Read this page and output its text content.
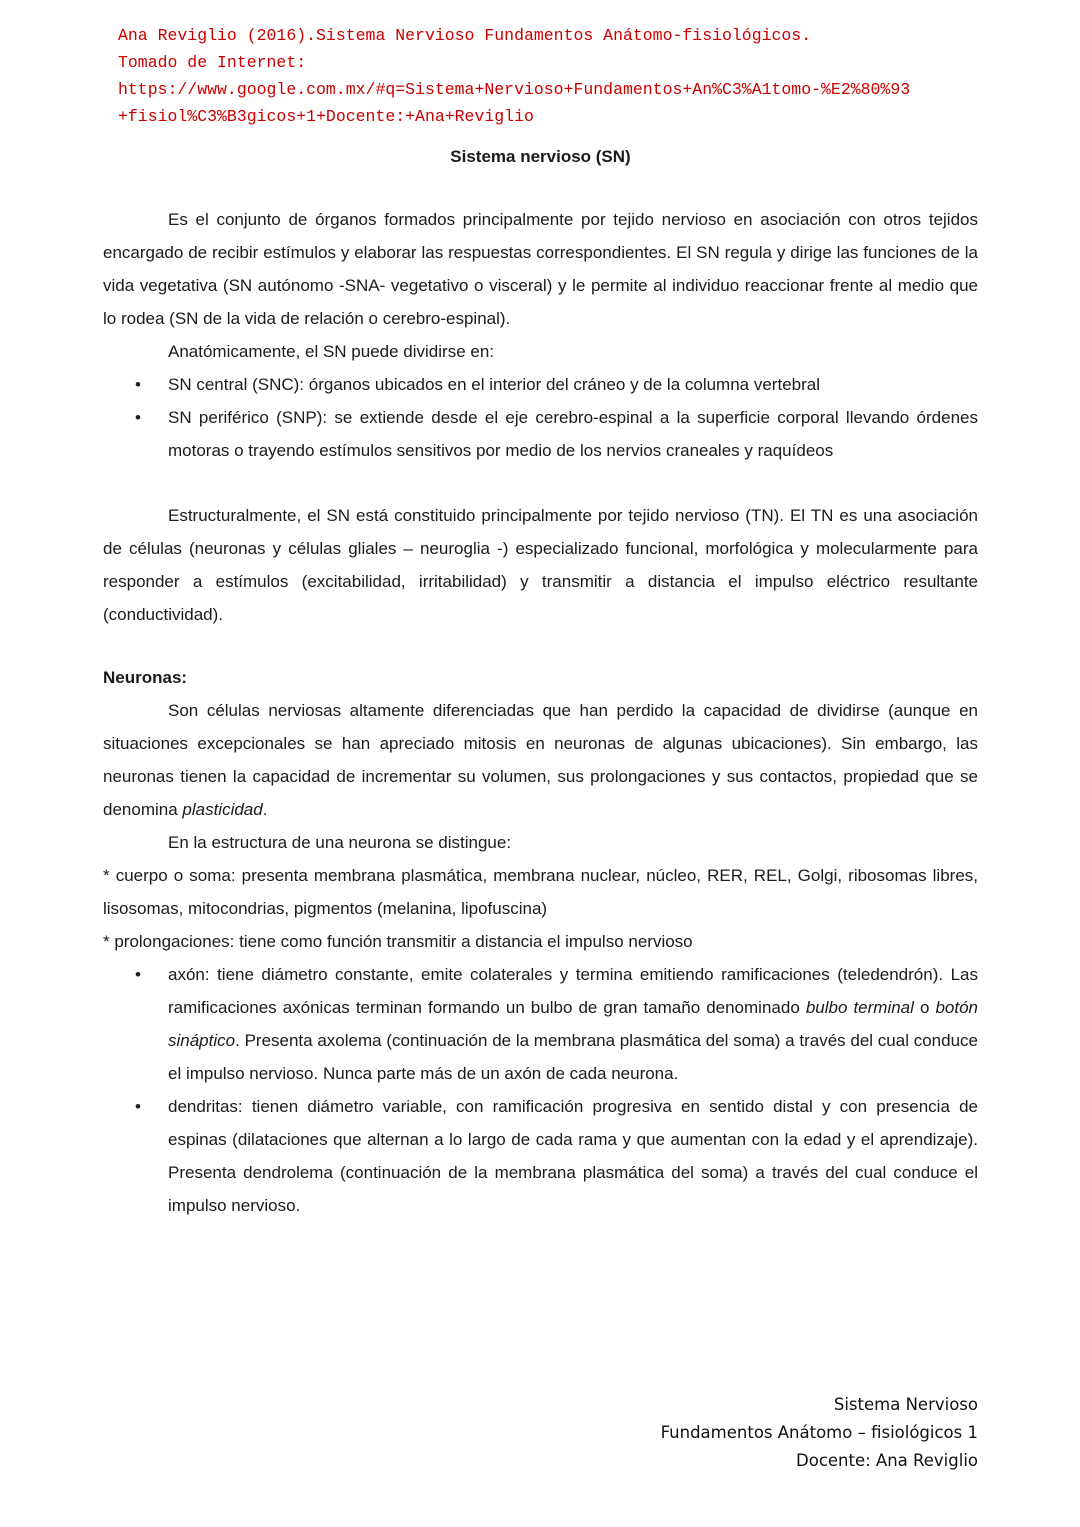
Ana Reviglio (2016).Sistema Nervioso Fundamentos Anátomo-fisiológicos.
Tomado de Internet:
https://www.google.com.mx/#q=Sistema+Nervioso+Fundamentos+An%C3%A1tomo-%E2%80%93
+fisiol%C3%B3gicos+1+Docente:+Ana+Reviglio
Sistema nervioso (SN)
Es el conjunto de órganos formados principalmente por tejido nervioso en asociación con otros tejidos encargado de recibir estímulos y elaborar las respuestas correspondientes. El SN regula y dirige las funciones de la vida vegetativa (SN autónomo -SNA- vegetativo o visceral) y le permite al individuo reaccionar frente al medio que lo rodea (SN de la vida de relación o cerebro-espinal).
Anatómicamente, el SN puede dividirse en:
•	SN central (SNC): órganos ubicados en el interior del cráneo y de la columna vertebral
•	SN periférico (SNP): se extiende desde el eje cerebro-espinal a la superficie corporal llevando órdenes motoras o trayendo estímulos sensitivos por medio de los nervios craneales y raquídeos
Estructuralmente, el SN está constituido principalmente por tejido nervioso (TN). El TN es una asociación de células (neuronas y células gliales – neuroglia -) especializado funcional, morfológica y molecularmente para responder a estímulos (excitabilidad, irritabilidad) y transmitir a distancia el impulso eléctrico resultante (conductividad).
Neuronas:
Son células nerviosas altamente diferenciadas que han perdido la capacidad de dividirse (aunque en situaciones excepcionales se han apreciado mitosis en neuronas de algunas ubicaciones). Sin embargo, las neuronas tienen la capacidad de incrementar su volumen, sus prolongaciones y sus contactos, propiedad que se denomina plasticidad.
En la estructura de una neurona se distingue:
* cuerpo o soma: presenta membrana plasmática, membrana nuclear, núcleo, RER, REL, Golgi, ribosomas libres, lisosomas, mitocondrias, pigmentos (melanina, lipofuscina)
* prolongaciones: tiene como función transmitir a distancia el impulso nervioso
•	axón: tiene diámetro constante, emite colaterales y termina emitiendo ramificaciones (teledendrón). Las ramificaciones axónicas terminan formando un bulbo de gran tamaño denominado bulbo terminal o botón sináptico. Presenta axolema (continuación de la membrana plasmática del soma) a través del cual conduce el impulso nervioso. Nunca parte más de un axón de cada neurona.
•	dendritas: tienen diámetro variable, con ramificación progresiva en sentido distal y con presencia de espinas (dilataciones que alternan a lo largo de cada rama y que aumentan con la edad y el aprendizaje). Presenta dendrolema (continuación de la membrana plasmática del soma) a través del cual conduce el impulso nervioso.
Sistema Nervioso
Fundamentos Anátomo – fisiológicos 1
Docente: Ana Reviglio
